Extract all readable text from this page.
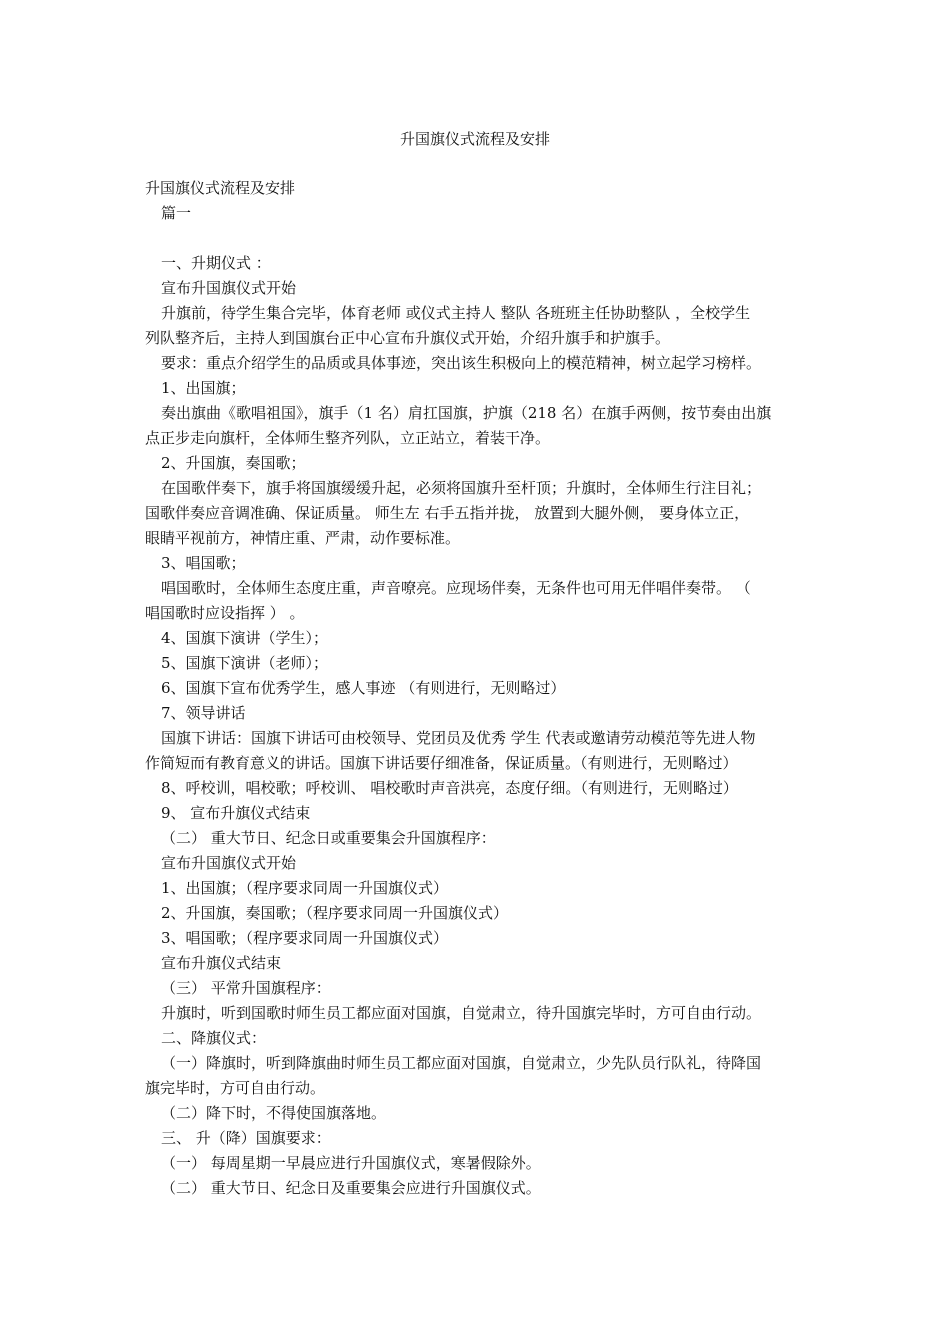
升国旗仪式流程及安排
升国旗仪式流程及安排
篇一
一、升期仪式 ：
宣布升国旗仪式开始
升旗前，待学生集合完毕，体育老师 或仪式主持人 整队 各班班主任协助整队 ，全校学生
列队整齐后，主持人到国旗台正中心宣布升旗仪式开始，介绍升旗手和护旗手。
要求：重点介绍学生的品质或具体事迹，突出该生积极向上的模范精神，树立起学习榜样。
1、出国旗；
奏出旗曲《歌唱祖国》，旗手（1 名）肩扛国旗，护旗（218 名）在旗手两侧，按节奏由出旗
点正步走向旗杆，全体师生整齐列队，立正站立，着装干净。
2、升国旗，奏国歌；
在国歌伴奏下，旗手将国旗缓缓升起，必须将国旗升至杆顶；升旗时，全体师生行注目礼；
国歌伴奏应音调准确、保证质量。 师生左 右手五指并拢， 放置到大腿外侧， 要身体立正，
眼睛平视前方，神情庄重、严肃，动作要标准。
3、唱国歌；
唱国歌时，全体师生态度庄重，声音嘹亮。应现场伴奏，无条件也可用无伴唱伴奏带。 （
唱国歌时应设指挥 ） 。
4、国旗下演讲（学生）；
5、国旗下演讲（老师）；
6、国旗下宣布优秀学生，感人事迹 （有则进行，无则略过）
7、领导讲话
国旗下讲话：国旗下讲话可由校领导、党团员及优秀 学生 代表或邀请劳动模范等先进人物
作简短而有教育意义的讲话。国旗下讲话要仔细准备，保证质量。（有则进行，无则略过）
8、呼校训，唱校歌；呼校训、 唱校歌时声音洪亮，态度仔细。（有则进行，无则略过）
9、 宣布升旗仪式结束
（二） 重大节日、纪念日或重要集会升国旗程序：
宣布升国旗仪式开始
1、出国旗；（程序要求同周一升国旗仪式）
2、升国旗，奏国歌；（程序要求同周一升国旗仪式）
3、唱国歌；（程序要求同周一升国旗仪式）
宣布升旗仪式结束
（三） 平常升国旗程序：
升旗时，听到国歌时师生员工都应面对国旗，自觉肃立，待升国旗完毕时，方可自由行动。
二、降旗仪式：
（一）降旗时，听到降旗曲时师生员工都应面对国旗，自觉肃立，少先队员行队礼，待降国
旗完毕时，方可自由行动。
（二）降下时，不得使国旗落地。
三、 升（降）国旗要求：
（一） 每周星期一早晨应进行升国旗仪式，寒暑假除外。
（二） 重大节日、纪念日及重要集会应进行升国旗仪式。
